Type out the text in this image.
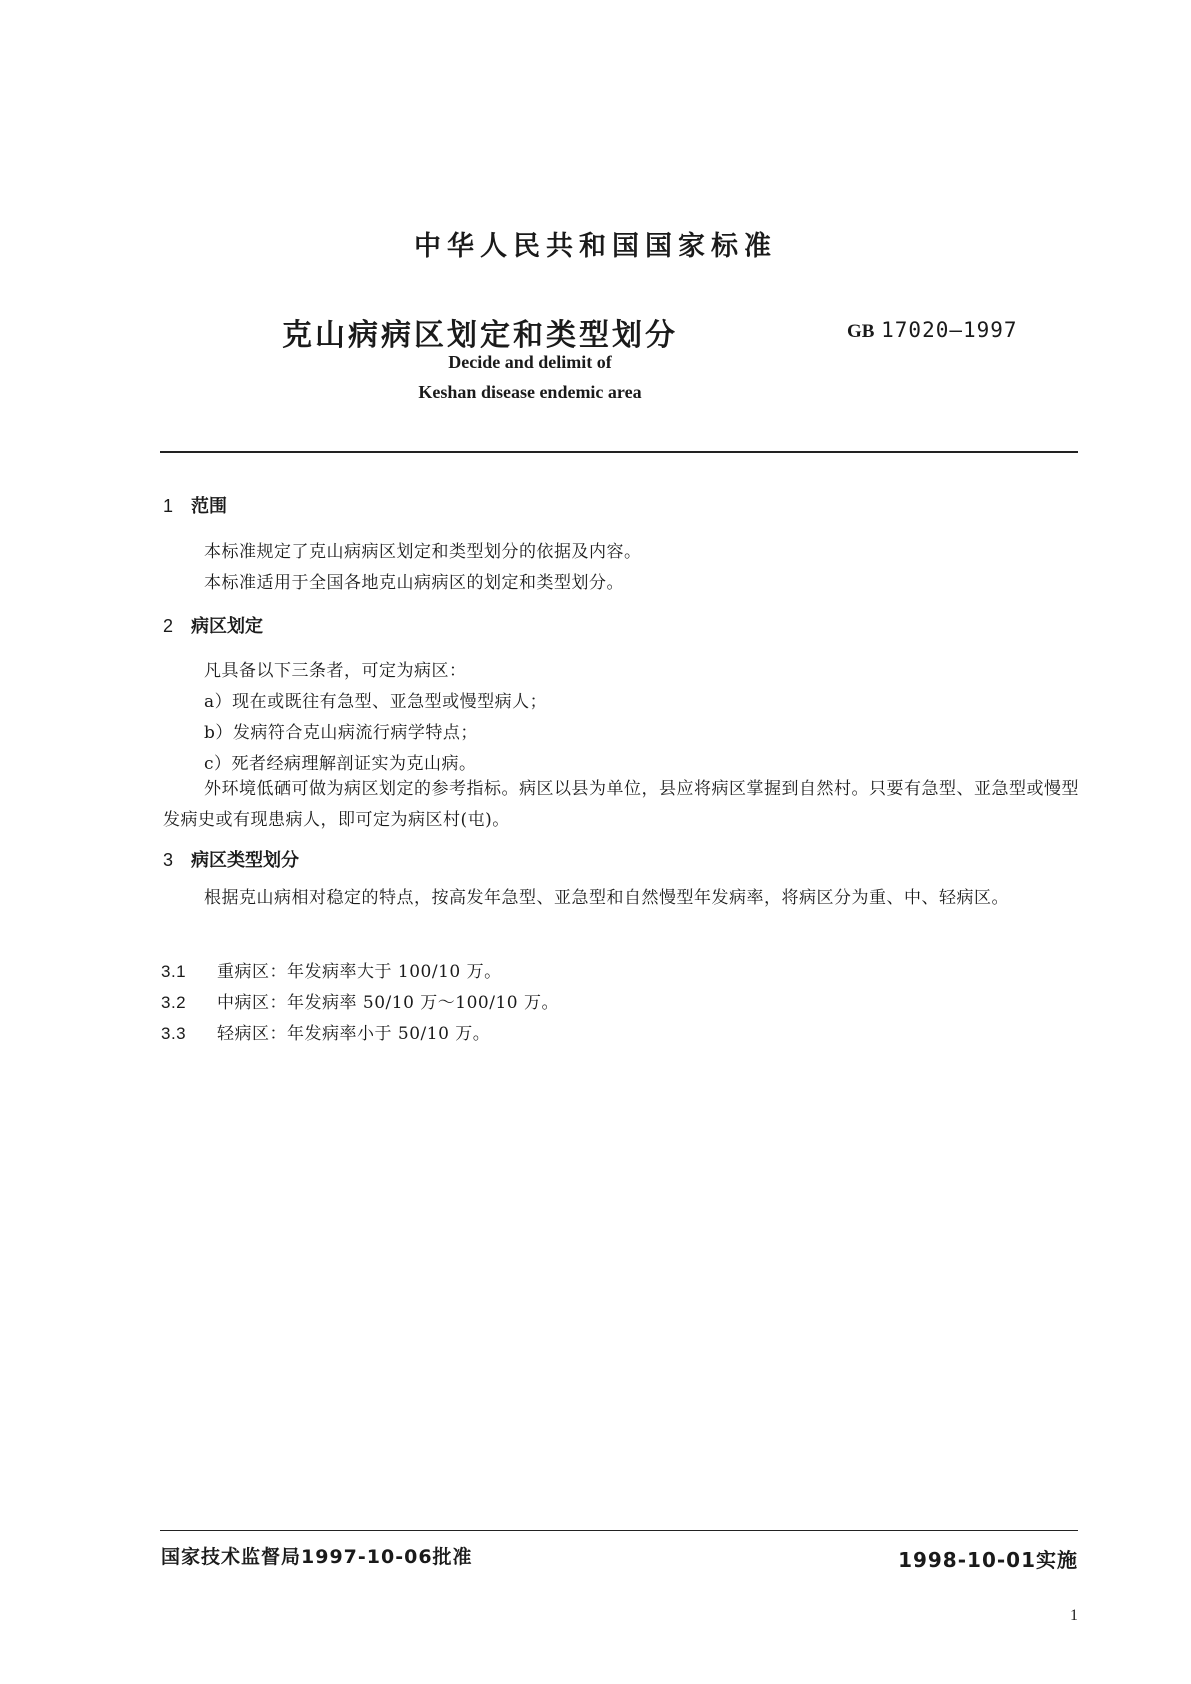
中华人民共和国国家标准
克山病病区划定和类型划分	GB 17020—1997
Decide and delimit of
Keshan disease endemic area
1 范围
本标准规定了克山病病区划定和类型划分的依据及内容。
本标准适用于全国各地克山病病区的划定和类型划分。
2 病区划定
凡具备以下三条者，可定为病区：
a）现在或既往有急型、亚急型或慢型病人；
b）发病符合克山病流行病学特点；
c）死者经病理解剖证实为克山病。
外环境低硒可做为病区划定的参考指标。病区以县为单位，县应将病区掌握到自然村。只要有急型、亚急型或慢型发病史或有现患病人，即可定为病区村(屯)。
3 病区类型划分
根据克山病相对稳定的特点，按高发年急型、亚急型和自然慢型年发病率，将病区分为重、中、轻病区。
3.1 重病区：年发病率大于 100/10 万。
3.2 中病区：年发病率 50/10 万～100/10 万。
3.3 轻病区：年发病率小于 50/10 万。
国家技术监督局1997-10-06批准	1998-10-01实施
1
